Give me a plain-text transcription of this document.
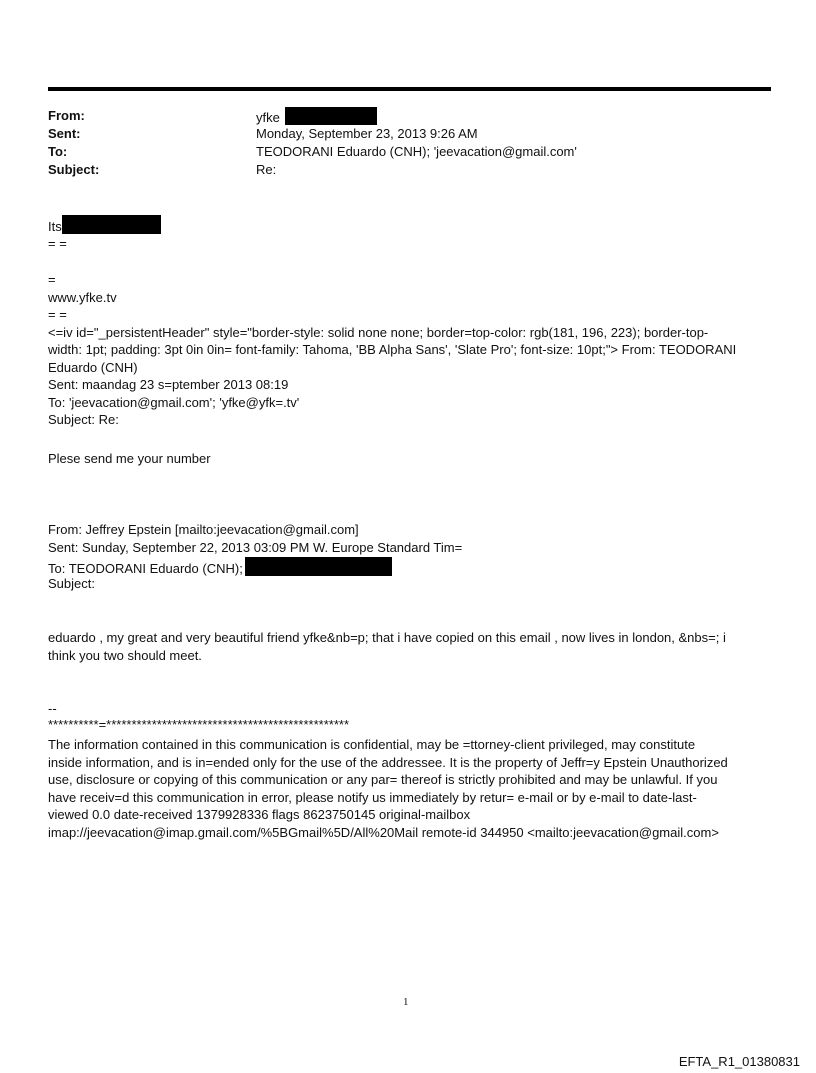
From:	yfke
Sent:	Monday, September 23, 2013 9:26 AM
To:	TEODORANI Eduardo (CNH); 'jeevacation@gmail.com'
Subject:	Re:
Its
= =
=
www.yfke.tv
= =
<=iv id="_persistentHeader" style="border-style: solid none none; border=top-color: rgb(181, 196, 223); border-top-
width: 1pt; padding: 3pt 0in 0in= font-family: Tahoma, 'BB Alpha Sans', 'Slate Pro'; font-size: 10pt;"> From: TEODORANI
Eduardo (CNH)
Sent: maandag 23 s=ptember 2013 08:19
To: 'jeevacation@gmail.com'; 'yfke@yfk=.tv'
Subject: Re:
Plese send me your number
From: Jeffrey Epstein [mailto:jeevacation@gmail.com]
Sent: Sunday, September 22, 2013 03:09 PM W. Europe Standard Tim=
To: TEODORANI Eduardo (CNH);
Subject:
eduardo , my great and very beautiful friend yfke&nb=p; that i have copied on this email , now lives in london, &nbs=; i
think you two should meet.
--
**********=************************************************
The information contained in this communication is confidential, may be =ttorney-client privileged, may constitute
inside information, and is in=ended only for the use of the addressee. It is the property of Jeffr=y Epstein Unauthorized
use, disclosure or copying of this communication or any par= thereof is strictly prohibited and may be unlawful. If you
have receiv=d this communication in error, please notify us immediately by retur= e-mail or by e-mail to date-last-
viewed 0.0 date-received 1379928336 flags 8623750145 original-mailbox
imap://jeevacation@imap.gmail.com/%5BGmail%5D/All%20Mail remote-id 344950 <mailto:jeevacation@gmail.com>
1
EFTA_R1_01380831
